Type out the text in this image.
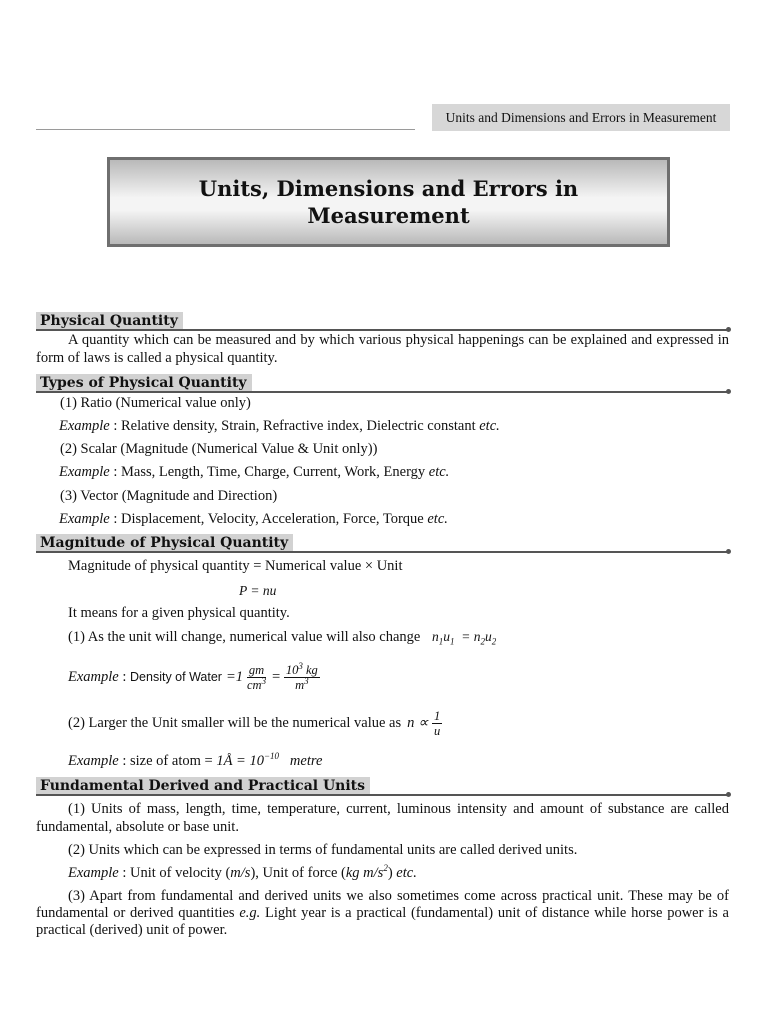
Units and Dimensions and Errors in Measurement
Units, Dimensions and Errors in
Measurement
Physical Quantity
A quantity which can be measured and by which various physical happenings can be explained and expressed in form of laws is called a physical quantity.
Types of Physical Quantity
(1) Ratio (Numerical value only)
Example : Relative density, Strain, Refractive index, Dielectric constant etc.
(2) Scalar (Magnitude (Numerical Value & Unit only))
Example : Mass, Length, Time, Charge, Current, Work, Energy etc.
(3) Vector (Magnitude and Direction)
Example : Displacement, Velocity, Acceleration, Force, Torque etc.
Magnitude of Physical Quantity
Magnitude of physical quantity = Numerical value × Unit
P = nu
It means for a given physical quantity.
(1) As the unit will change, numerical value will also change $n_1u_1 = n_2u_2$
Example : Density of Water $=1 \frac{gm}{cm^3} = \frac{10^3 kg}{m^3}$
(2) Larger the Unit smaller will be the numerical value as $n \propto \frac{1}{u}$
Example : size of atom = 1Å = $10^{-10}$ metre
Fundamental Derived and Practical Units
(1) Units of mass, length, time, temperature, current, luminous intensity and amount of substance are called fundamental, absolute or base unit.
(2) Units which can be expressed in terms of fundamental units are called derived units.
Example : Unit of velocity (m/s), Unit of force (kg $m/s^2$) etc.
(3) Apart from fundamental and derived units we also sometimes come across practical unit. These may be of fundamental or derived quantities e.g. Light year is a practical (fundamental) unit of distance while horse power is a practical (derived) unit of power.
